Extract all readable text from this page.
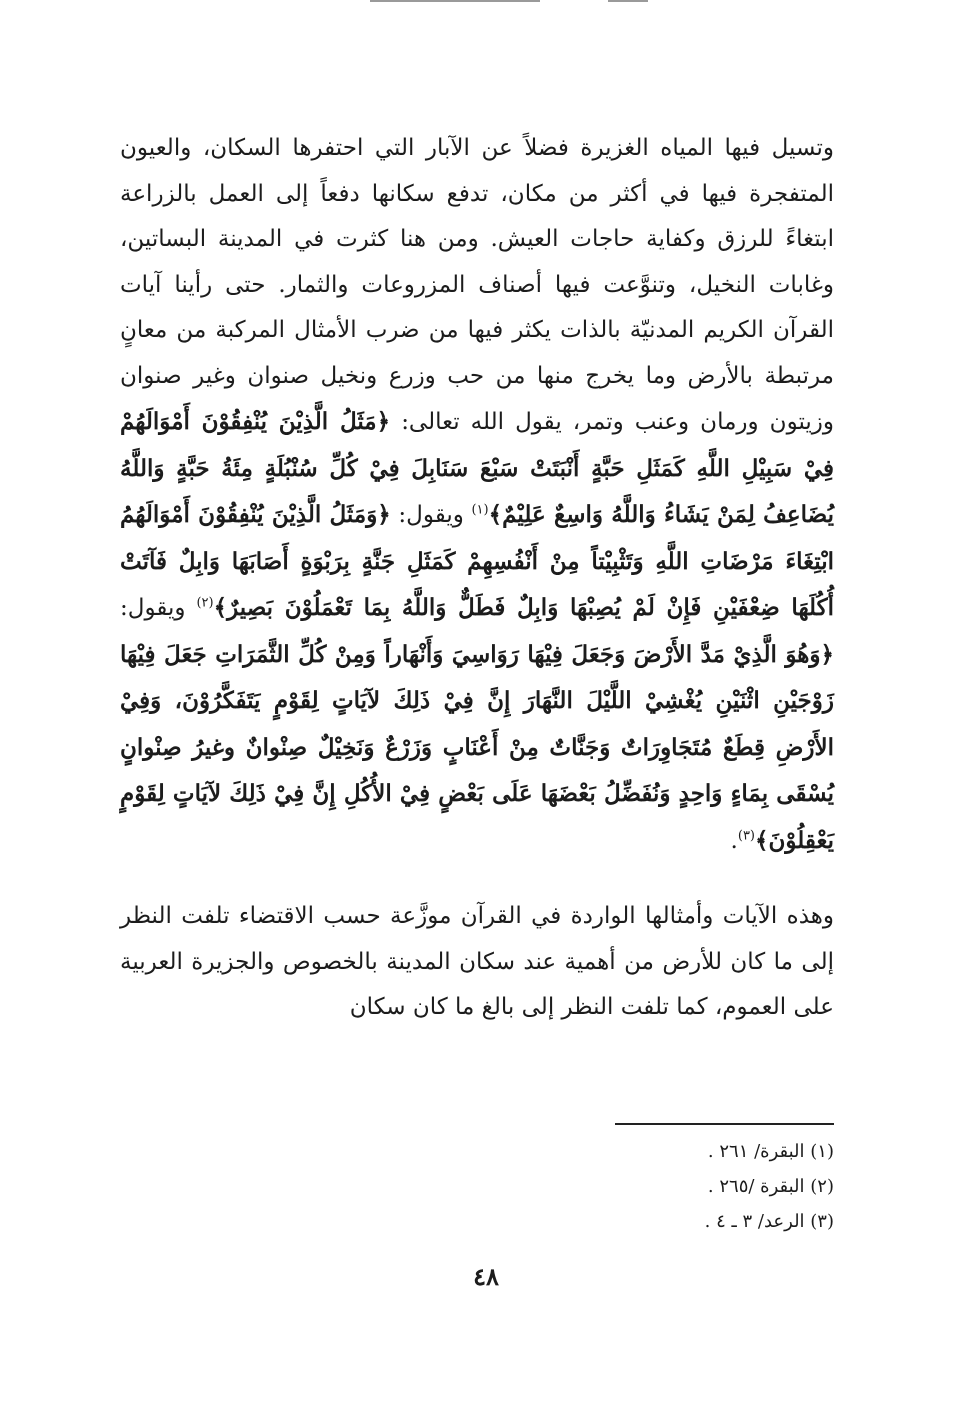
وتسيل فيها المياه الغزيرة فضلاً عن الآبار التي احتفرها السكان، والعيون المتفجرة فيها في أكثر من مكان، تدفع سكانها دفعاً إلى العمل بالزراعة ابتغاءً للرزق وكفاية حاجات العيش. ومن هنا كثرت في المدينة البساتين، وغابات النخيل، وتنوَّعت فيها أصناف المزروعات والثمار. حتى رأينا آيات القرآن الكريم المدنيّة بالذات يكثر فيها من ضرب الأمثال المركبة من معانٍ مرتبطة بالأرض وما يخرج منها من حب وزرع ونخيل صنوان وغير صنوان وزيتون ورمان وعنب وتمر، يقول الله تعالى: ﴿مَثَلُ الَّذِيْنَ يُنْفِقُوْنَ أَمْوَالَهُمْ فِيْ سَبِيْلِ اللَّهِ كَمَثَلِ حَبَّةٍ أَنْبَتَتْ سَبْعَ سَنَابِلَ فِيْ كُلِّ سُنْبُلَةٍ مِئَةُ حَبَّةٍ وَاللَّهُ يُضَاعِفُ لِمَنْ يَشَاءُ وَاللَّهُ وَاسِعٌ عَلِيْمٌ﴾$^{(١)}$ ويقول: ﴿وَمَثَلُ الَّذِيْنَ يُنْفِقُوْنَ أَمْوَالَهُمُ ابْتِغَاءَ مَرْضَاتِ اللَّهِ وَتَثْبِيْتاً مِنْ أَنْفُسِهِمْ كَمَثَلِ جَنَّةٍ بِرَبْوَةٍ أَصَابَهَا وَابِلٌ فَآتَتْ أُكُلَهَا ضِعْفَيْنِ فَإِنْ لَمْ يُصِبْهَا وَابِلٌ فَطَلٌّ وَاللَّهُ بِمَا تَعْمَلُوْنَ بَصِيرٌ﴾$^{(٢)}$ ويقول: ﴿وَهُوَ الَّذِيْ مَدَّ الأَرْضَ وَجَعَلَ فِيْهَا رَوَاسِيَ وَأَنْهَاراً وَمِنْ كُلِّ الثَّمَرَاتِ جَعَلَ فِيْهَا زَوْجَيْنِ اثْنَيْنِ يُغْشِيْ اللَّيْلَ النَّهَارَ إِنَّ فِيْ ذَلِكَ لآيَاتٍ لِقَوْمٍ يَتَفَكَّرُوْنَ، وَفِيْ الأَرْضِ قِطَعٌ مُتَجَاوِرَاتٌ وَجَنَّاتٌ مِنْ أَعْنَابٍ وَزَرْعٌ وَنَخِيْلٌ صِنْوانٌ وغيرُ صِنْوانٍ يُسْقَى بِمَاءٍ وَاحِدٍ وَنُفَضِّلُ بَعْضَهَا عَلَى بَعْضٍ فِيْ الأُكُلِ إِنَّ فِيْ ذَلِكَ لآيَاتٍ لِقَوْمٍ يَعْقِلُوْنَ﴾$^{(٣)}$.

وهذه الآيات وأمثالها الواردة في القرآن موزَّعة حسب الاقتضاء تلفت النظر إلى ما كان للأرض من أهمية عند سكان المدينة بالخصوص والجزيرة العربية على العموم، كما تلفت النظر إلى بالغ ما كان سكان

(١) البقرة/ ٢٦١ .
(٢) البقرة /٢٦٥ .
(٣) الرعد/ ٣ ـ ٤ .
٤٨
